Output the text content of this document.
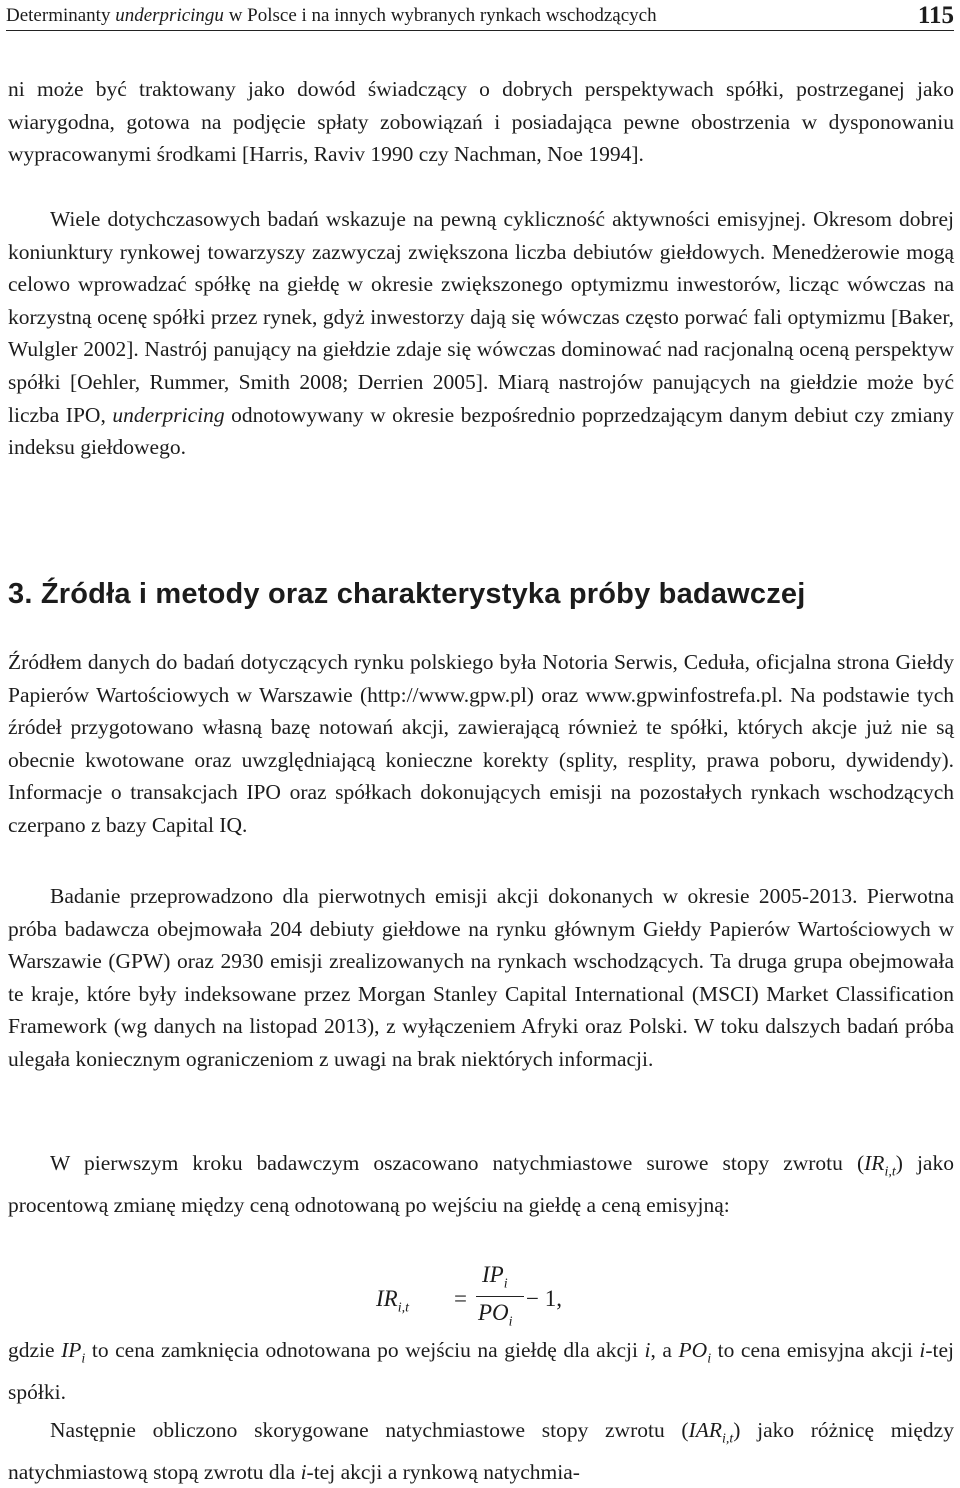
Determinanty underpricingu w Polsce i na innych wybranych rynkach wschodzących	115

ni może być traktowany jako dowód świadczący o dobrych perspektywach spółki, postrzeganej jako wiarygodna, gotowa na podjęcie spłaty zobowiązań i posiadająca pewne obostrzenia w dysponowaniu wypracowanymi środkami [Harris, Raviv 1990 czy Nachman, Noe 1994].

Wiele dotychczasowych badań wskazuje na pewną cykliczność aktywności emisyjnej. Okresom dobrej koniunktury rynkowej towarzyszy zazwyczaj zwiększona liczba debiutów giełdowych. Menedżerowie mogą celowo wprowadzać spółkę na giełdę w okresie zwiększonego optymizmu inwestorów, licząc wówczas na korzystną ocenę spółki przez rynek, gdyż inwestorzy dają się wówczas często porwać fali optymizmu [Baker, Wulgler 2002]. Nastrój panujący na giełdzie zdaje się wówczas dominować nad racjonalną oceną perspektyw spółki [Oehler, Rummer, Smith 2008; Derrien 2005]. Miarą nastrojów panujących na giełdzie może być liczba IPO, underpricing odnotowywany w okresie bezpośrednio poprzedzającym danym debiut czy zmiany indeksu giełdowego.

3. Źródła i metody oraz charakterystyka próby badawczej

Źródłem danych do badań dotyczących rynku polskiego była Notoria Serwis, Ceduła, oficjalna strona Giełdy Papierów Wartościowych w Warszawie (http://www.gpw.pl) oraz www.gpwinfostrefa.pl. Na podstawie tych źródeł przygotowano własną bazę notowań akcji, zawierającą również te spółki, których akcje już nie są obecnie kwotowane oraz uwzględniającą konieczne korekty (splity, resplity, prawa poboru, dywidendy). Informacje o transakcjach IPO oraz spółkach dokonujących emisji na pozostałych rynkach wschodzących czerpano z bazy Capital IQ.

Badanie przeprowadzono dla pierwotnych emisji akcji dokonanych w okresie 2005-2013. Pierwotna próba badawcza obejmowała 204 debiuty giełdowe na rynku głównym Giełdy Papierów Wartościowych w Warszawie (GPW) oraz 2930 emisji zrealizowanych na rynkach wschodzących. Ta druga grupa obejmowała te kraje, które były indeksowane przez Morgan Stanley Capital International (MSCI) Market Classification Framework (wg danych na listopad 2013), z wyłączeniem Afryki oraz Polski. W toku dalszych badań próba ulegała koniecznym ograniczeniom z uwagi na brak niektórych informacji.

W pierwszym kroku badawczym oszacowano natychmiastowe surowe stopy zwrotu $(IR_{i,t})$ jako procentową zmianę między ceną odnotowaną po wejściu na giełdę a ceną emisyjną:

$IR_{i,t}$ =
$IP_i$
$PO_i$
− 1,

gdzie $IP_i$ to cena zamknięcia odnotowana po wejściu na giełdę dla akcji i, a $PO_i$ to cena emisyjna akcji i-tej spółki.

Następnie obliczono skorygowane natychmiastowe stopy zwrotu $(IAR_{i,t})$ jako różnicę między natychmiastową stopą zwrotu dla i-tej akcji a rynkową natychmia-
